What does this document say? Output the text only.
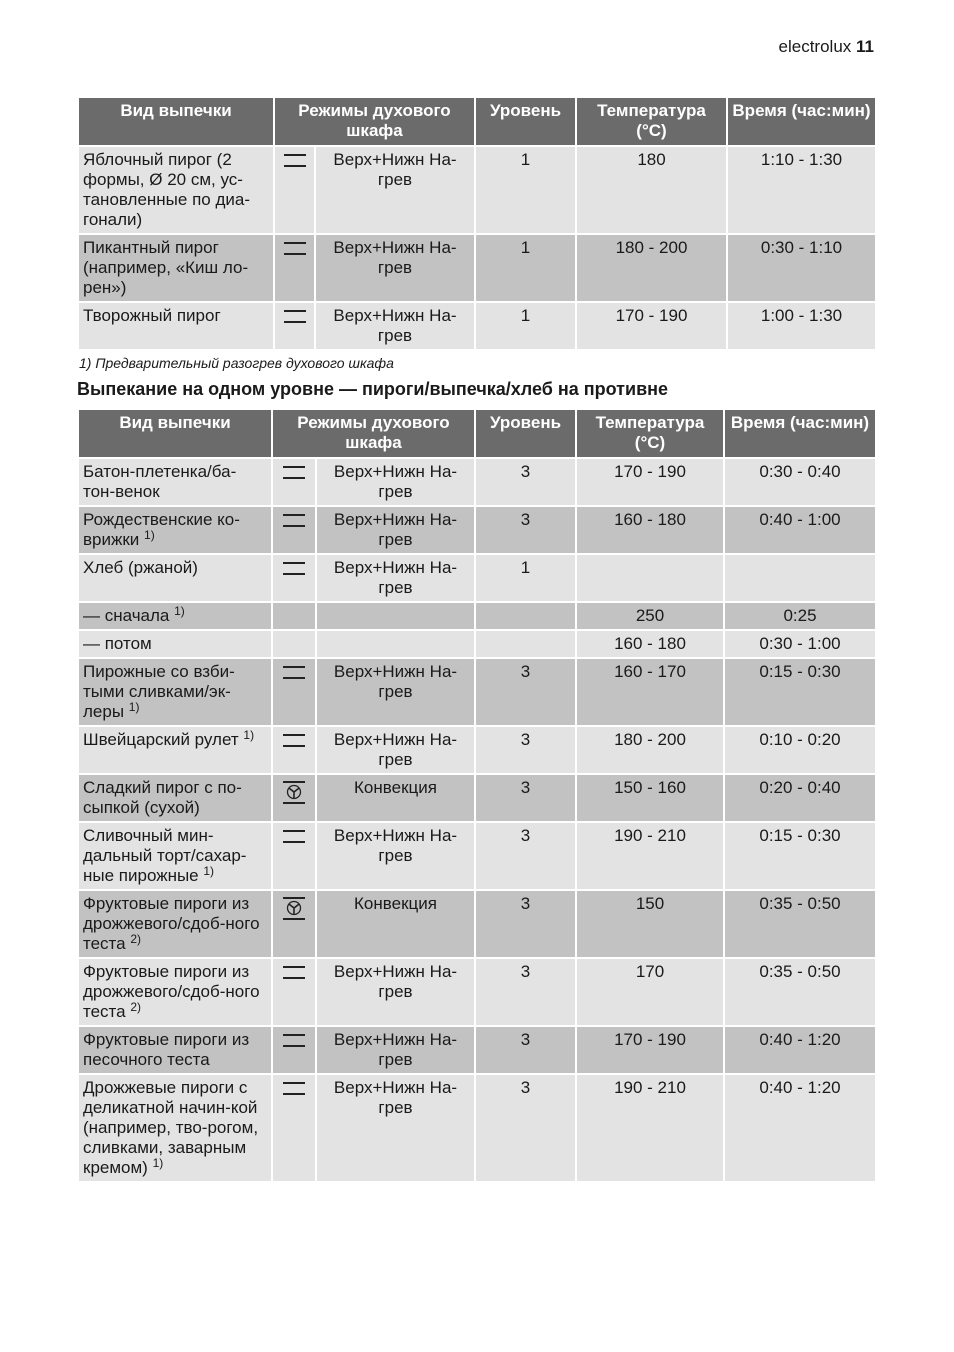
electrolux 11
Вид выпечки	Режимы духового шкафа		Уровень	Температура (°C)	Время (час:мин)
Яблочный пирог (2 формы, Ø 20 см, ус-тановленные по диа-гонали)		Верх+Нижн На-грев	1	180	1:10 - 1:30
Пикантный пирог (например, «Киш ло-рен»)		Верх+Нижн На-грев	1	180 - 200	0:30 - 1:10
Творожный пирог		Верх+Нижн На-грев	1	170 - 190	1:00 - 1:30
1) Предварительный разогрев духового шкафа
Выпекание на одном уровне — пироги/выпечка/хлеб на противне
Вид выпечки	Режимы духового шкафа		Уровень	Температура (°C)	Время (час:мин)
Батон-плетенка/ба-тон-венок		Верх+Нижн На-грев	3	170 - 190	0:30 - 0:40
Рождественские ко-врижки $^{1)}$		Верх+Нижн На-грев	3	160 - 180	0:40 - 1:00
Хлеб (ржаной)		Верх+Нижн На-грев	1		
— сначала $^{1)}$				250	0:25
— потом				160 - 180	0:30 - 1:00
Пирожные со взби-тыми сливками/эк-леры $^{1)}$		Верх+Нижн На-грев	3	160 - 170	0:15 - 0:30
Швейцарский рулет $^{1)}$		Верх+Нижн На-грев	3	180 - 200	0:10 - 0:20
Сладкий пирог с по-сыпкой (сухой)		Конвекция	3	150 - 160	0:20 - 0:40
Сливочный мин-дальный торт/сахар-ные пирожные $^{1)}$		Верх+Нижн На-грев	3	190 - 210	0:15 - 0:30
Фруктовые пироги из дрожжевого/сдоб-ного теста $^{2)}$		Конвекция	3	150	0:35 - 0:50
Фруктовые пироги из дрожжевого/сдоб-ного теста $^{2)}$		Верх+Нижн На-грев	3	170	0:35 - 0:50
Фруктовые пироги из песочного теста		Верх+Нижн На-грев	3	170 - 190	0:40 - 1:20
Дрожжевые пироги с деликатной начин-кой (например, тво-рогом, сливками, заварным кремом) $^{1)}$		Верх+Нижн На-грев	3	190 - 210	0:40 - 1:20
